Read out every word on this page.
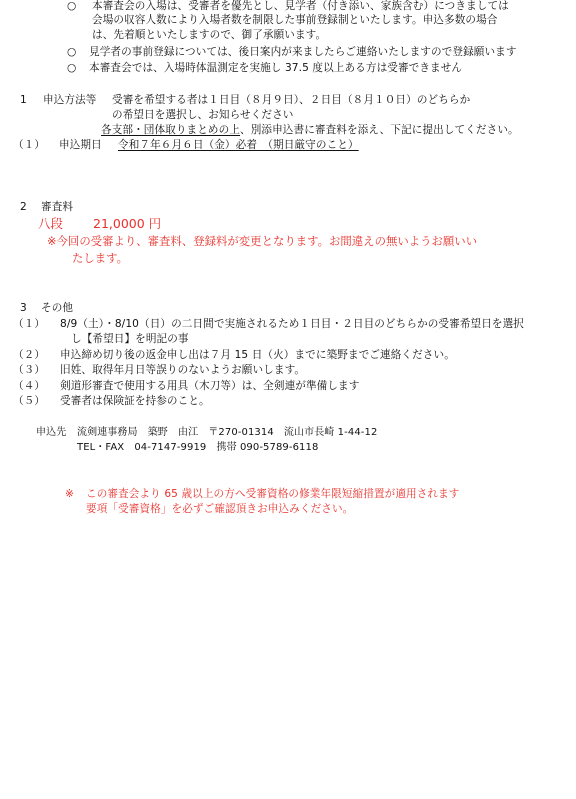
○ 本審査会の入場は、受審者を優先とし、見学者（付き添い、家族含む）につきましては
会場の収容人数により入場者数を制限した事前登録制といたします。申込多数の場合
は、先着順といたしますので、御了承願います。
○ 見学者の事前登録については、後日案内が来ましたらご連絡いたしますので登録願います
○ 本審査会では、入場時体温測定を実施し 37.5 度以上ある方は受審できません
1 申込方法等 受審を希望する者は１日目（８月９日）、２日目（８月１０日）のどちらか
の希望日を選択し、お知らせください
各支部・団体取りまとめの上、別添申込書に審査料を添え、下記に提出してください。
（１） 申込期日 令和７年６月６日（金）必着　（期日厳守のこと）
2 審査料
八段 21,0000 円
※今回の受審より、審査料、登録料が変更となります。お間違えの無いようお願いい
たします。
3 その他
（１） 8/9（土）・8/10（日）の二日間で実施されるため１日目・２日目のどちらかの受審希望日を選択
し【希望日】を明記の事
（２） 申込締め切り後の返金申し出は７月 15 日（火）までに築野までご連絡ください。
（３） 旧姓、取得年月日等誤りのないようお願いします。
（４） 剣道形審査で使用する用具（木刀等）は、全剣連が準備します
（５） 受審者は保険証を持参のこと。
申込先 流剣連事務局　築野　由江　〒270-01314　流山市長崎 1-44-12
TEL・FAX　04-7147-9919　携帯 090-5789-6118
※ この審査会より 65 歳以上の方へ受審資格の修業年限短縮措置が適用されます
要項「受審資格」を必ずご確認頂きお申込みください。
